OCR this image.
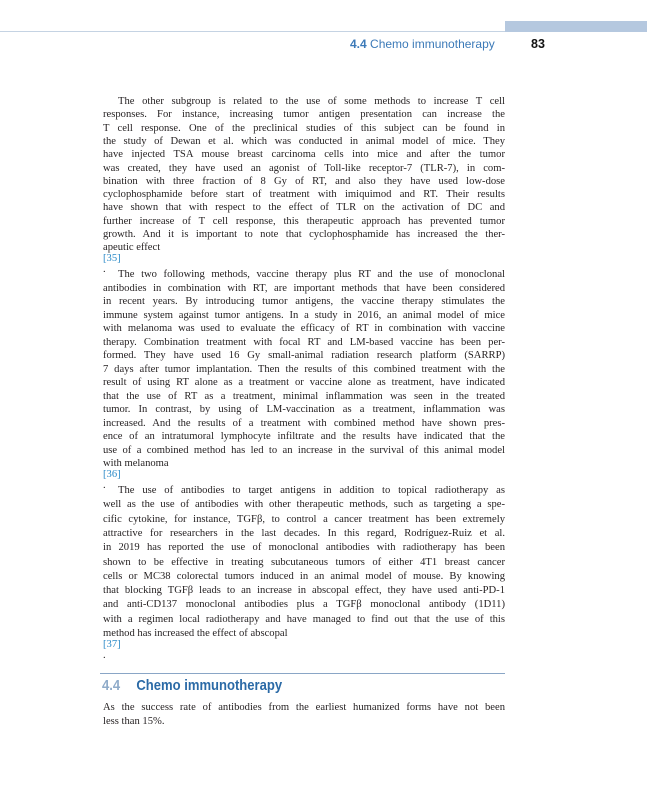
4.4 Chemo immunotherapy	83
The other subgroup is related to the use of some methods to increase T cell
responses. For instance, increasing tumor antigen presentation can increase the
T cell response. One of the preclinical studies of this subject can be found in
the study of Dewan et al. which was conducted in animal model of mice. They
have injected TSA mouse breast carcinoma cells into mice and after the tumor
was created, they have used an agonist of Toll-like receptor-7 (TLR-7), in com-
bination with three fraction of 8 Gy of RT, and also they have used low-dose
cyclophosphamide before start of treatment with imiquimod and RT. Their results
have shown that with respect to the effect of TLR on the activation of DC and
further increase of T cell response, this therapeutic approach has prevented tumor
growth. And it is important to note that cyclophosphamide has increased the ther-
apeutic effect
[35]
.	The two following methods, vaccine therapy plus RT and the use of monoclonal
antibodies in combination with RT, are important methods that have been considered
in recent years. By introducing tumor antigens, the vaccine therapy stimulates the
immune system against tumor antigens. In a study in 2016, an animal model of mice
with melanoma was used to evaluate the efficacy of RT in combination with vaccine
therapy. Combination treatment with focal RT and LM-based vaccine has been per-
formed. They have used 16 Gy small-animal radiation research platform (SARRP)
7 days after tumor implantation. Then the results of this combined treatment with the
result of using RT alone as a treatment or vaccine alone as treatment, have indicated
that the use of RT as a treatment, minimal inflammation was seen in the treated
tumor. In contrast, by using of LM-vaccination as a treatment, inflammation was
increased. And the results of a treatment with combined method have shown pres-
ence of an intratumoral lymphocyte infiltrate and the results have indicated that the
use of a combined method has led to an increase in the survival of this animal model
with melanoma
[36]
.	The use of antibodies to target antigens in addition to topical radiotherapy as
well as the use of antibodies with other therapeutic methods, such as targeting a spe-
cific cytokine, for instance, TGFβ, to control a cancer treatment has been extremely
attractive for researchers in the last decades. In this regard, Rodríguez-Ruiz et al.
in 2019 has reported the use of monoclonal antibodies with radiotherapy has been
shown to be effective in treating subcutaneous tumors of either 4T1 breast cancer
cells or MC38 colorectal tumors induced in an animal model of mouse. By knowing
that blocking TGFβ leads to an increase in abscopal effect, they have used anti-PD-1
and anti-CD137 monoclonal antibodies plus a TGFβ monoclonal antibody (1D11)
with a regimen local radiotherapy and have managed to find out that the use of this
method has increased the effect of abscopal
[37]
.
4.4 Chemo immunotherapy
As the success rate of antibodies from the earliest humanized forms have not been
less than 15%.
